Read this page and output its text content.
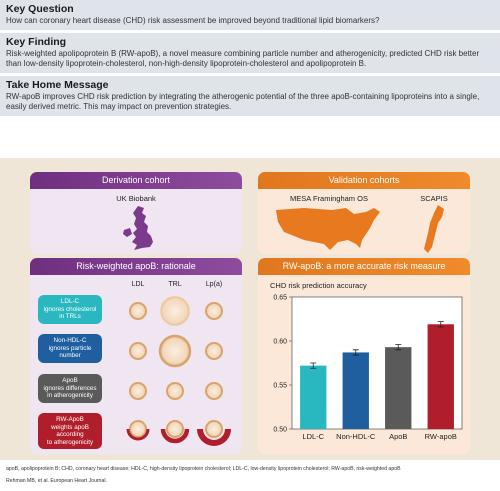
Key Question

How can coronary heart disease (CHD) risk assessment be improved beyond traditional lipid biomarkers?

Key Finding

Risk-weighted apolipoprotein B (RW-apoB), a novel measure combining particle number and atherogenicity, predicted CHD risk better than low-density lipoprotein-cholesterol, non-high-density lipoprotein-cholesterol and apolipoprotein B.

Take Home Message

RW-apoB improves CHD risk prediction by integrating the atherogenic potential of the three apoB-containing lipoproteins into a single, easily derived metric. This may impact on prevention strategies.

Derivation cohort
UK Biobank
Validation cohorts
MESA Framingham OS	SCAPIS
Risk-weighted apoB: rationale
LDL	TRL	Lp(a)
LDL-C
ignores cholesterol
in TRLs
Non-HDL-C
ignores particle
number
ApoB
ignores differences
in atherogenicity
RW-ApoB
weights apoB according
to atherogenicity
RW-apoB: a more accurate risk measure
CHD risk prediction accuracy
0.50
0.55
0.60
0.65
LDL-C Non-HDL-C ApoB RW-apoB
apoB, apolipoprotein B; CHD, coronary heart disease; HDL-C, high-density lipoprotein cholesterol; LDL-C, low-density lipoprotein cholesterol; RW-apoB, risk-weighted apoB
Rehman MB, et al. European Heart Journal.
